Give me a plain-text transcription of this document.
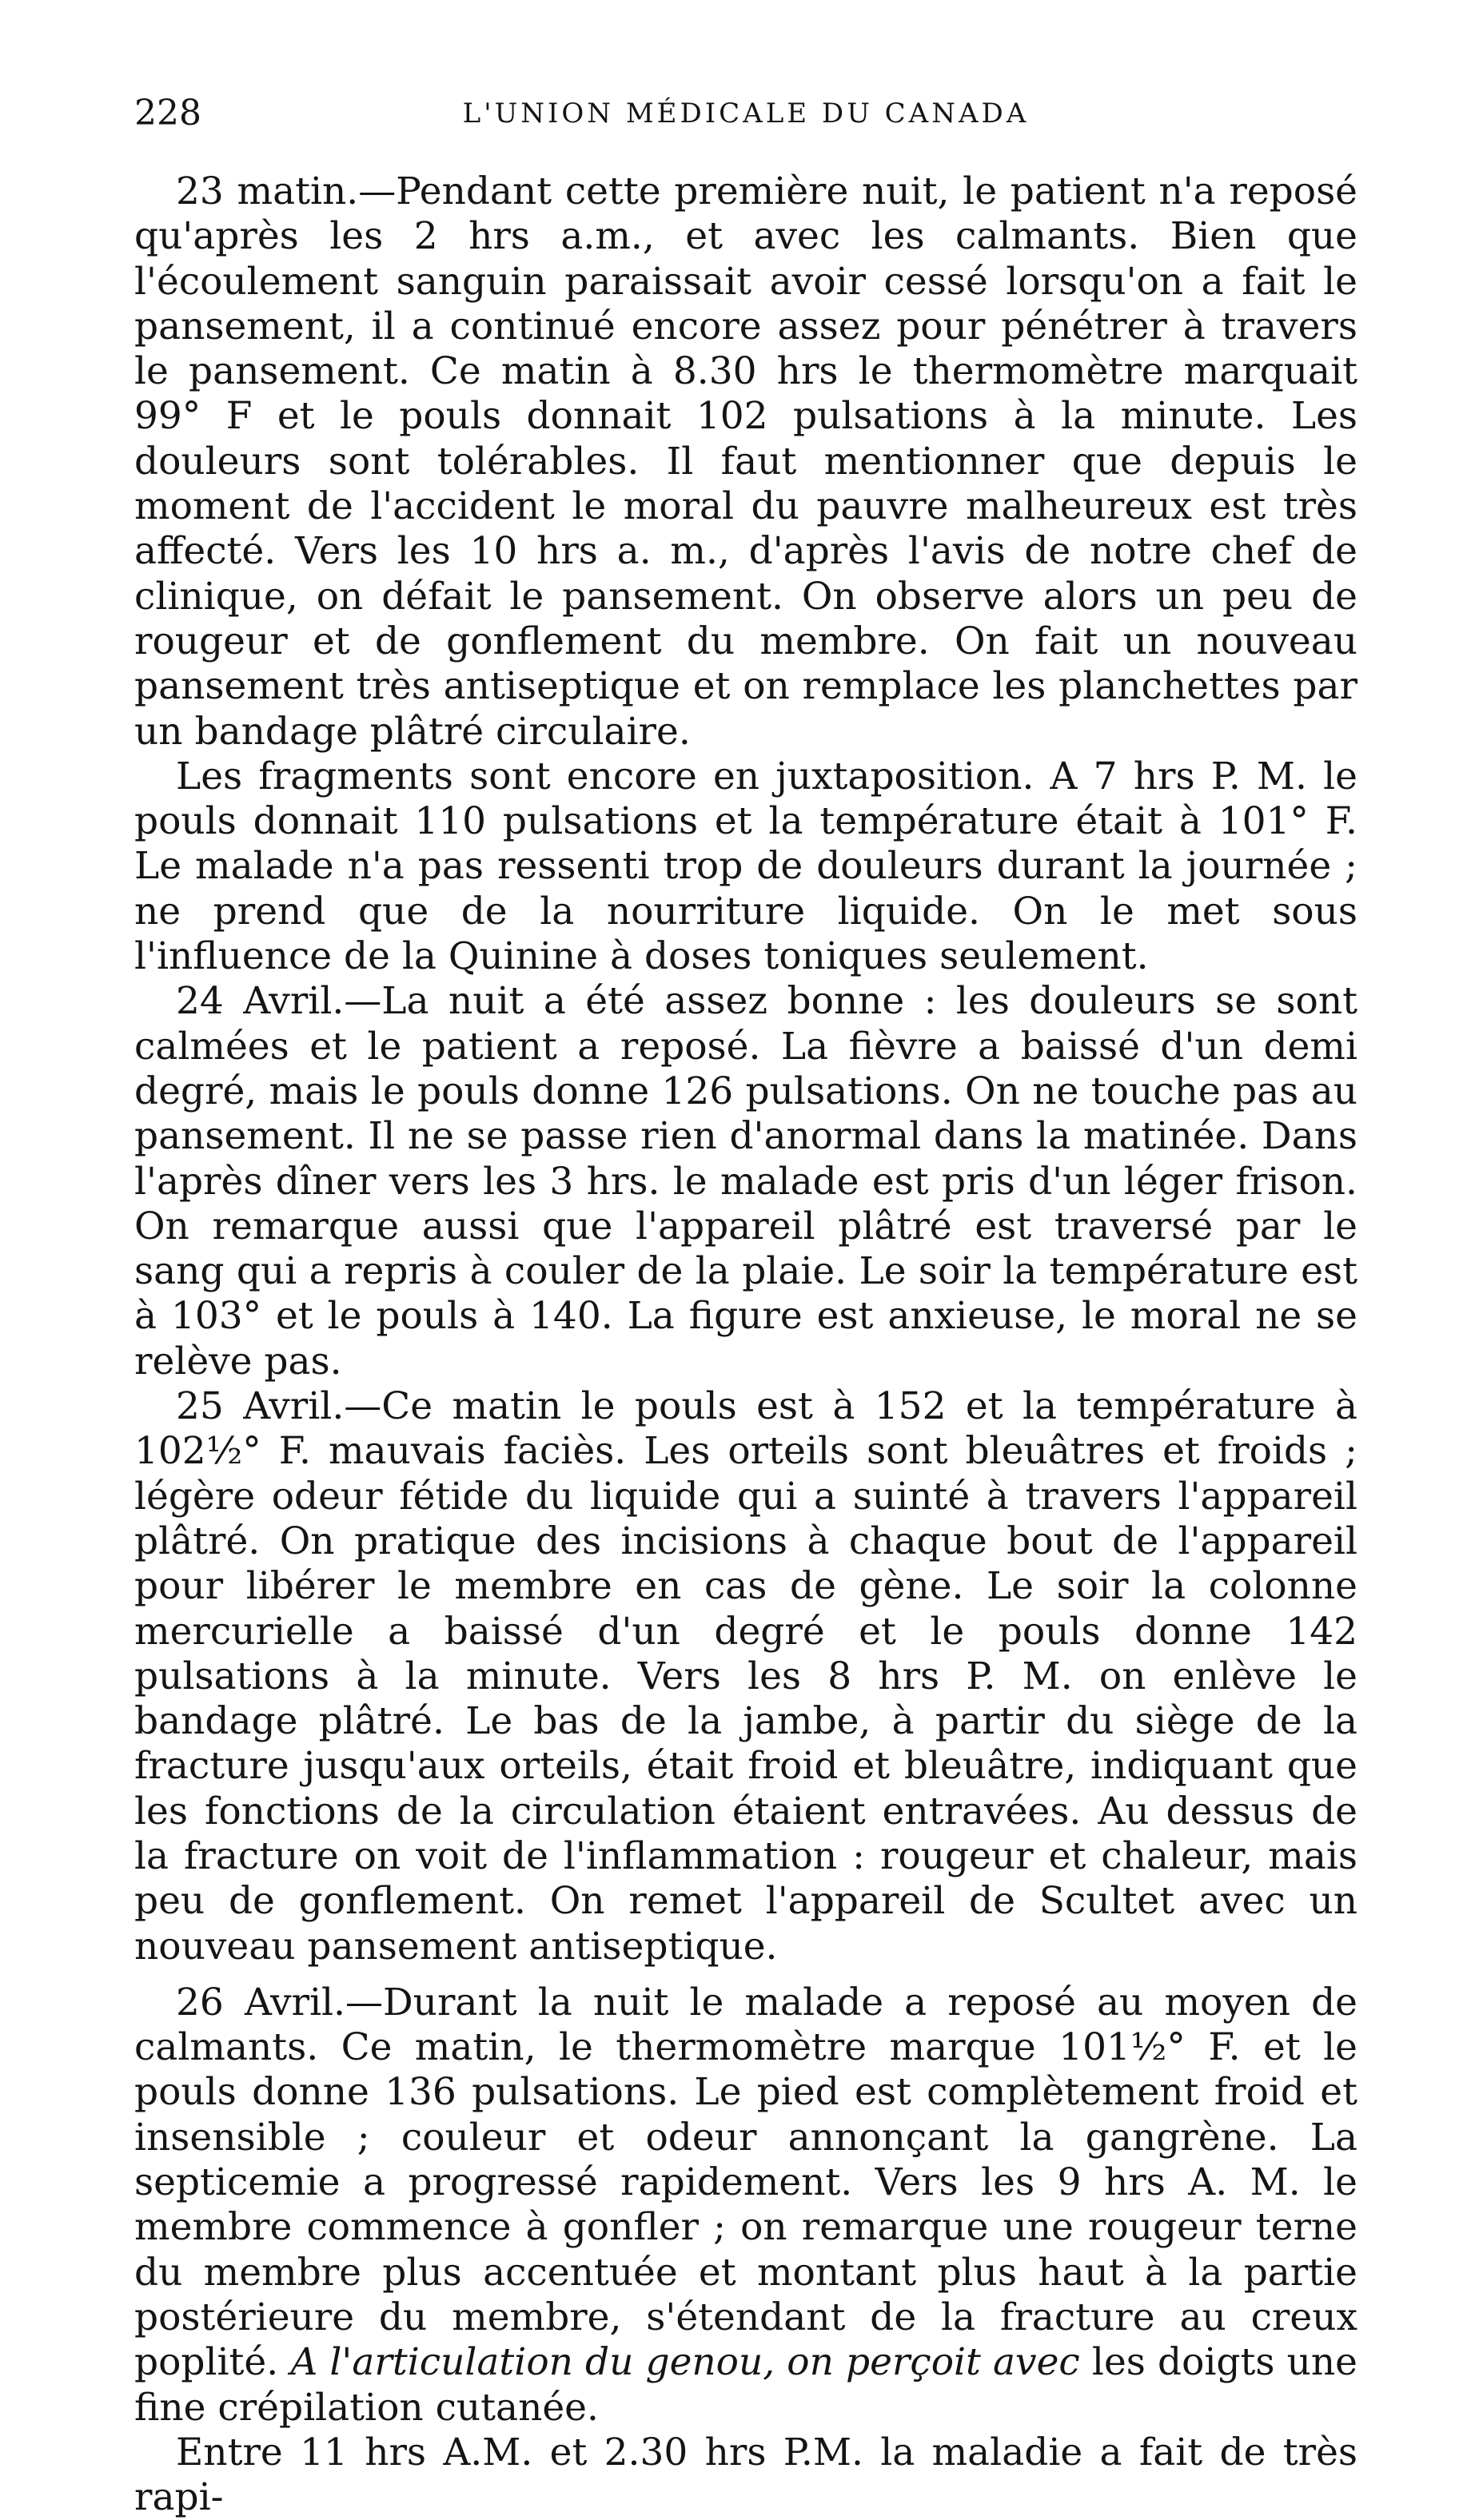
228	L'UNION MÉDICALE DU CANADA

23 matin.—Pendant cette première nuit, le patient n'a reposé qu'après les 2 hrs a.m., et avec les calmants. Bien que l'écoulement sanguin paraissait avoir cessé lorsqu'on a fait le pansement, il a continué encore assez pour pénétrer à travers le pansement. Ce matin à 8.30 hrs le thermomètre marquait 99° F et le pouls donnait 102 pulsations à la minute. Les douleurs sont tolérables. Il faut mentionner que depuis le moment de l'accident le moral du pauvre malheureux est très affecté. Vers les 10 hrs a. m., d'après l'avis de notre chef de clinique, on défait le pansement. On observe alors un peu de rougeur et de gonflement du membre. On fait un nouveau pansement très antiseptique et on remplace les planchettes par un bandage plâtré circulaire.

Les fragments sont encore en juxtaposition. A 7 hrs P. M. le pouls donnait 110 pulsations et la température était à 101° F. Le malade n'a pas ressenti trop de douleurs durant la journée ; ne prend que de la nourriture liquide. On le met sous l'influence de la Quinine à doses toniques seulement.

24 Avril.—La nuit a été assez bonne : les douleurs se sont calmées et le patient a reposé. La fièvre a baissé d'un demi degré, mais le pouls donne 126 pulsations. On ne touche pas au pansement. Il ne se passe rien d'anormal dans la matinée. Dans l'après dîner vers les 3 hrs. le malade est pris d'un léger frison. On remarque aussi que l'appareil plâtré est traversé par le sang qui a repris à couler de la plaie. Le soir la température est à 103° et le pouls à 140. La figure est anxieuse, le moral ne se relève pas.

25 Avril.—Ce matin le pouls est à 152 et la température à 102½° F. mauvais faciès. Les orteils sont bleuâtres et froids ; légère odeur fétide du liquide qui a suinté à travers l'appareil plâtré. On pratique des incisions à chaque bout de l'appareil pour libérer le membre en cas de gène. Le soir la colonne mercurielle a baissé d'un degré et le pouls donne 142 pulsations à la minute. Vers les 8 hrs P. M. on enlève le bandage plâtré. Le bas de la jambe, à partir du siège de la fracture jusqu'aux orteils, était froid et bleuâtre, indiquant que les fonctions de la circulation étaient entravées. Au dessus de la fracture on voit de l'inflammation : rougeur et chaleur, mais peu de gonflement. On remet l'appareil de Scultet avec un nouveau pansement antiseptique.

26 Avril.—Durant la nuit le malade a reposé au moyen de calmants. Ce matin, le thermomètre marque 101½° F. et le pouls donne 136 pulsations. Le pied est complètement froid et insensible ; couleur et odeur annonçant la gangrène. La septicemie a progressé rapidement. Vers les 9 hrs A. M. le membre commence à gonfler ; on remarque une rougeur terne du membre plus accentuée et montant plus haut à la partie postérieure du membre, s'étendant de la fracture au creux poplité. A l'articulation du genou, on perçoit avec les doigts une fine crépilation cutanée.

Entre 11 hrs A.M. et 2.30 hrs P.M. la maladie a fait de très rapi-
